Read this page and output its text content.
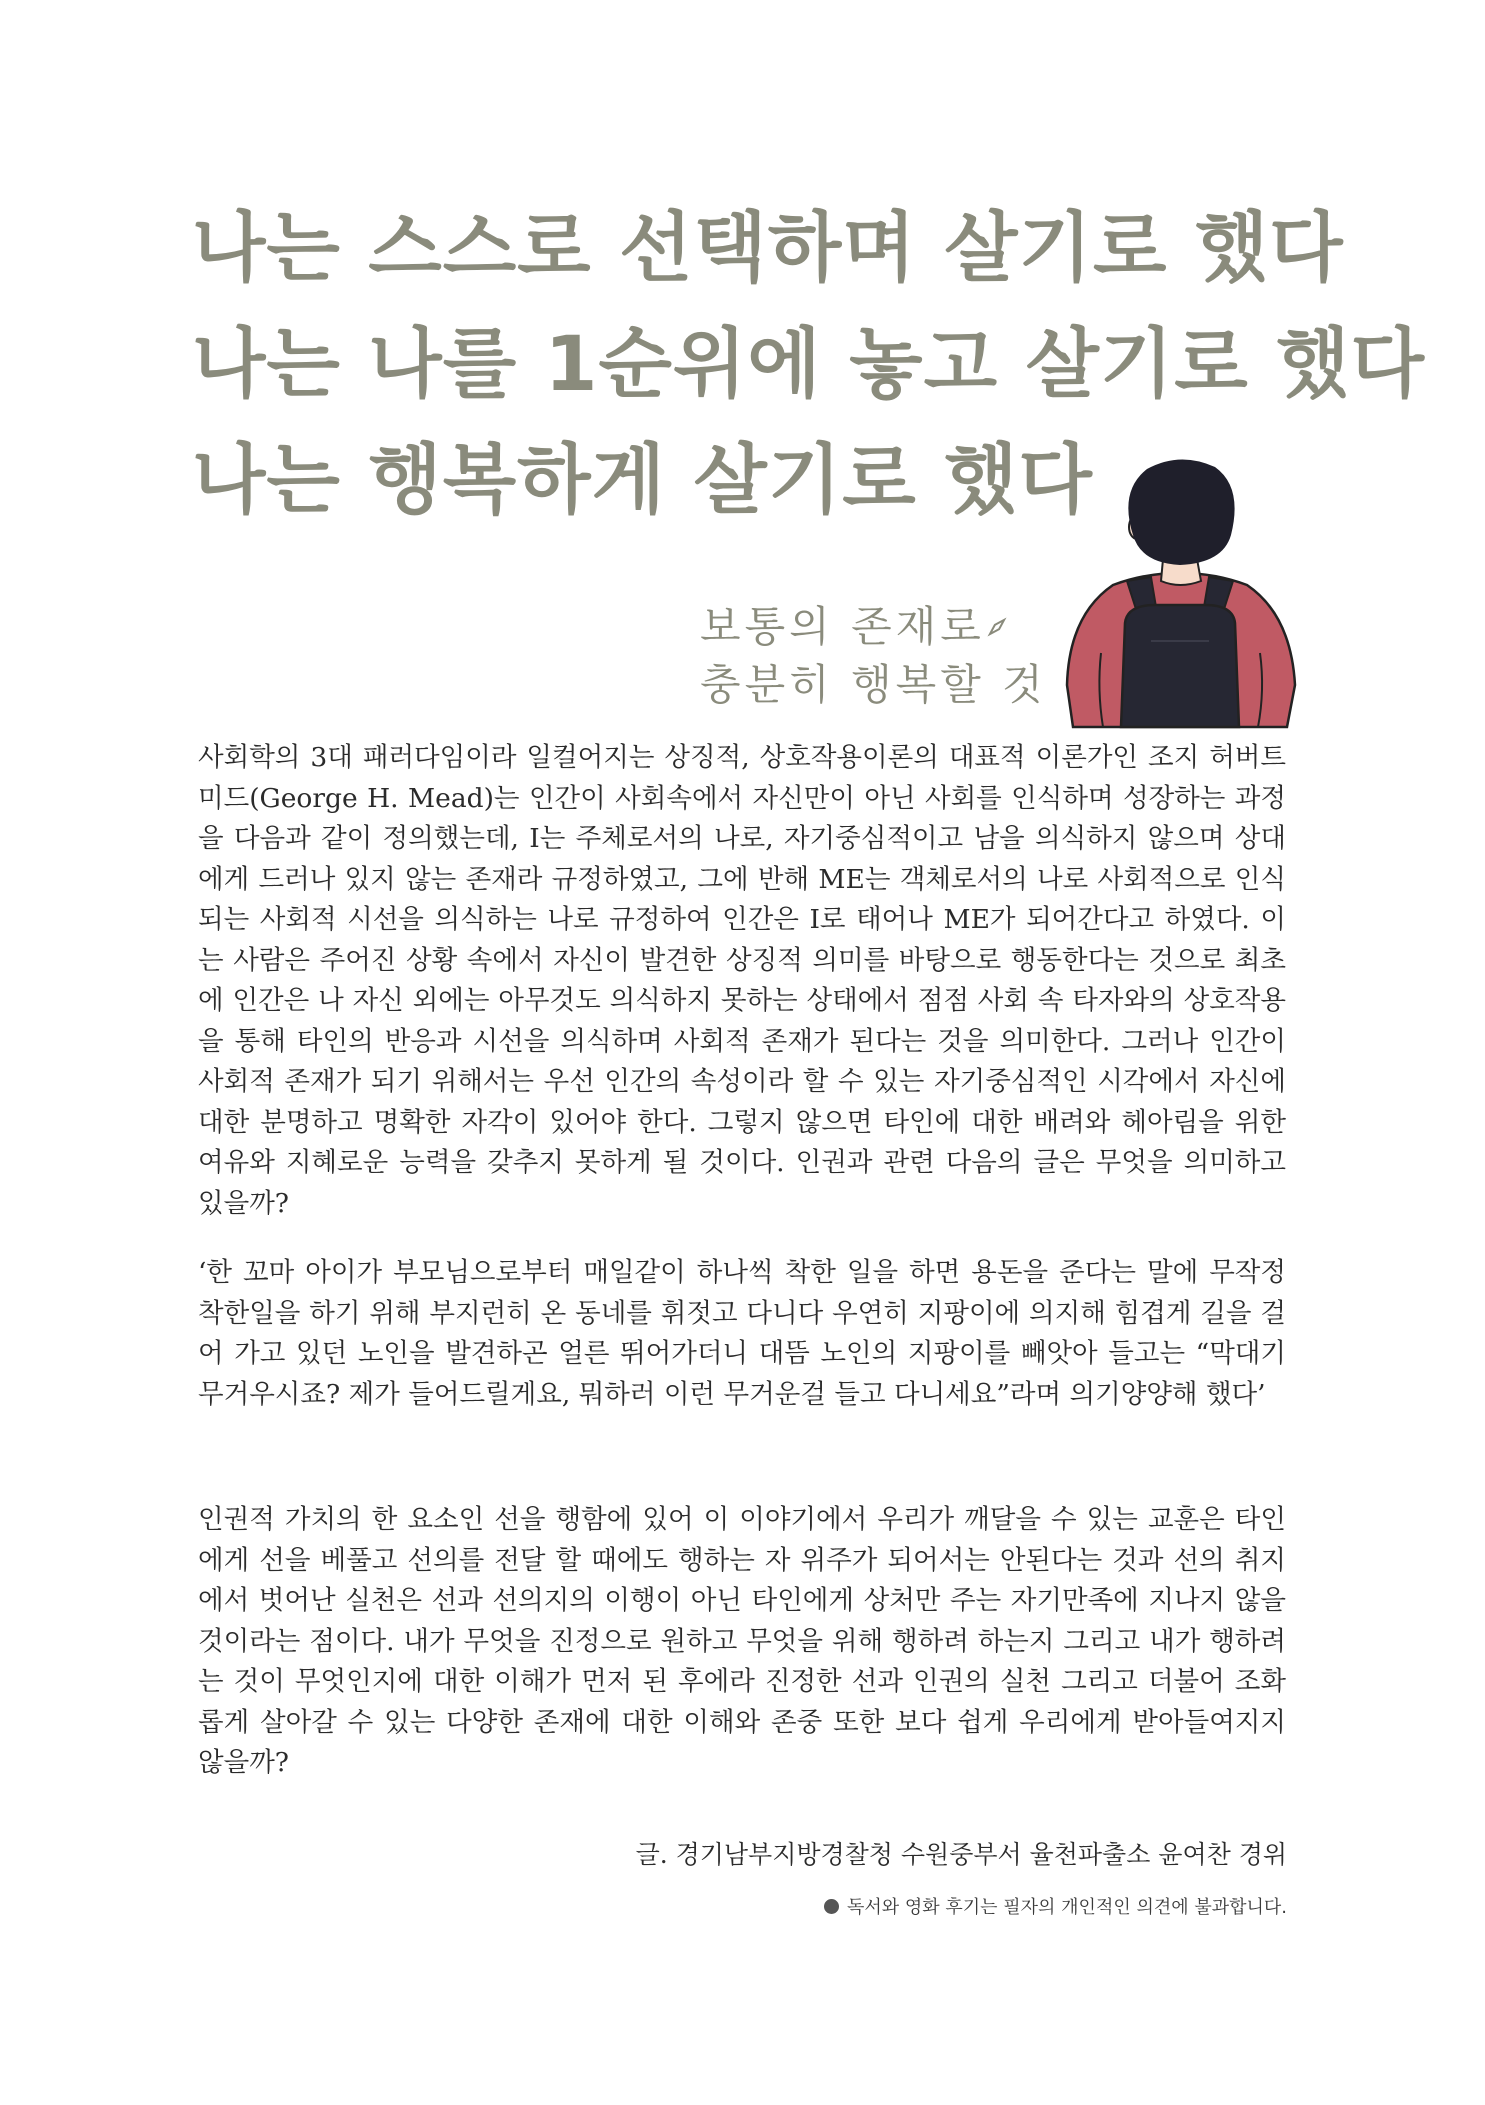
나는 스스로 선택하며 살기로 했다
나는 나를 1순위에 놓고 살기로 했다
나는 행복하게 살기로 했다
보통의 존재로
충분히 행복할 것

사회학의 3대 패러다임이라 일컬어지는 상징적, 상호작용이론의 대표적 이론가인 조지 허버트 미드(George H. Mead)는 인간이 사회속에서 자신만이 아닌 사회를 인식하며 성장하는 과정을 다음과 같이 정의했는데, I는 주체로서의 나로, 자기중심적이고 남을 의식하지 않으며 상대에게 드러나 있지 않는 존재라 규정하였고, 그에 반해 ME는 객체로서의 나로 사회적으로 인식되는 사회적 시선을 의식하는 나로 규정하여 인간은 I로 태어나 ME가 되어간다고 하였다. 이는 사람은 주어진 상황 속에서 자신이 발견한 상징적 의미를 바탕으로 행동한다는 것으로 최초에 인간은 나 자신 외에는 아무것도 의식하지 못하는 상태에서 점점 사회 속 타자와의 상호작용을 통해 타인의 반응과 시선을 의식하며 사회적 존재가 된다는 것을 의미한다. 그러나 인간이 사회적 존재가 되기 위해서는 우선 인간의 속성이라 할 수 있는 자기중심적인 시각에서 자신에 대한 분명하고 명확한 자각이 있어야 한다. 그렇지 않으면 타인에 대한 배려와 헤아림을 위한 여유와 지혜로운 능력을 갖추지 못하게 될 것이다. 인권과 관련 다음의 글은 무엇을 의미하고 있을까?

‘한 꼬마 아이가 부모님으로부터 매일같이 하나씩 착한 일을 하면 용돈을 준다는 말에 무작정 착한일을 하기 위해 부지런히 온 동네를 휘젓고 다니다 우연히 지팡이에 의지해 힘겹게 길을 걸어 가고 있던 노인을 발견하곤 얼른 뛰어가더니 대뜸 노인의 지팡이를 빼앗아 들고는 “막대기 무거우시죠? 제가 들어드릴게요, 뭐하러 이런 무거운걸 들고 다니세요”라며 의기양양해 했다’

인권적 가치의 한 요소인 선을 행함에 있어 이 이야기에서 우리가 깨달을 수 있는 교훈은 타인에게 선을 베풀고 선의를 전달 할 때에도 행하는 자 위주가 되어서는 안된다는 것과 선의 취지에서 벗어난 실천은 선과 선의지의 이행이 아닌 타인에게 상처만 주는 자기만족에 지나지 않을 것이라는 점이다. 내가 무엇을 진정으로 원하고 무엇을 위해 행하려 하는지 그리고 내가 행하려는 것이 무엇인지에 대한 이해가 먼저 된 후에라 진정한 선과 인권의 실천 그리고 더불어 조화롭게 살아갈 수 있는 다양한 존재에 대한 이해와 존중 또한 보다 쉽게 우리에게 받아들여지지 않을까?

글. 경기남부지방경찰청 수원중부서 율천파출소 윤여찬 경위
독서와 영화 후기는 필자의 개인적인 의견에 불과합니다.
